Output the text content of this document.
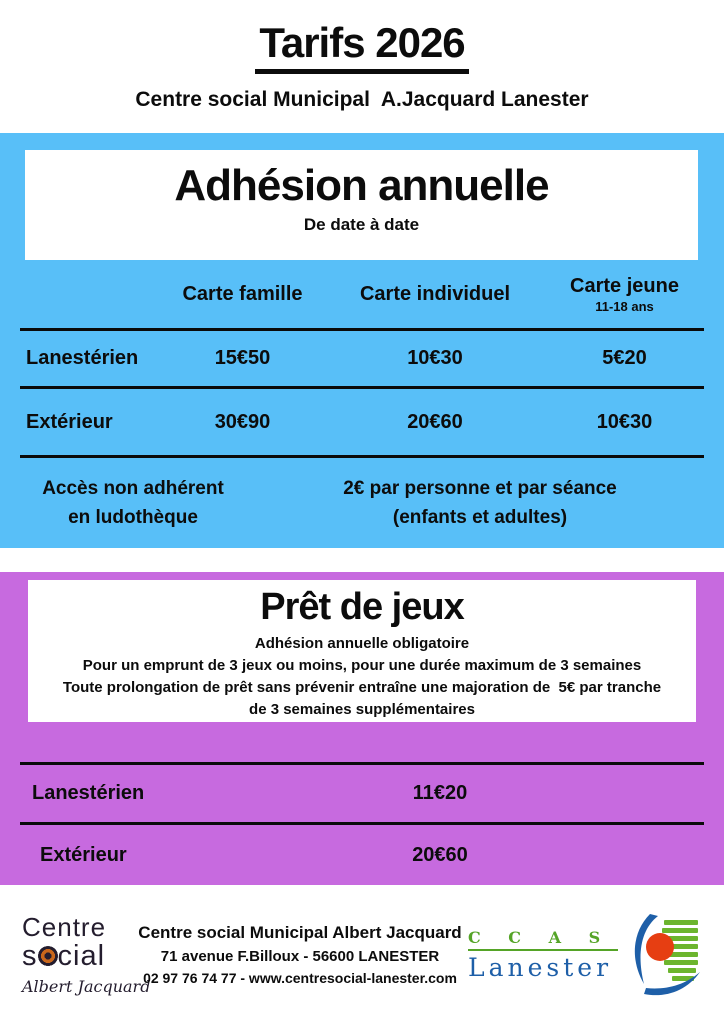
Tarifs 2026
Centre social Municipal  A.Jacquard Lanester
Adhésion annuelle
De date à date
Carte famille	Carte individuel	Carte jeune
11-18 ans
Lanestérien	15€50	10€30	5€20
Extérieur	30€90	20€60	10€30
Accès non adhérent
en ludothèque
2€ par personne et par séance
(enfants et adultes)
Prêt de jeux
Adhésion annuelle obligatoire
Pour un emprunt de 3 jeux ou moins, pour une durée maximum de 3 semaines
Toute prolongation de prêt sans prévenir entraîne une majoration de  5€ par tranche
de 3 semaines supplémentaires
Lanestérien	11€20
Extérieur	20€60
Centre
s cial
Albert Jacquard
Centre social Municipal Albert Jacquard
71 avenue F.Billoux - 56600 LANESTER
02 97 76 74 77 - www.centresocial-lanester.com
C C A S
Lanester
